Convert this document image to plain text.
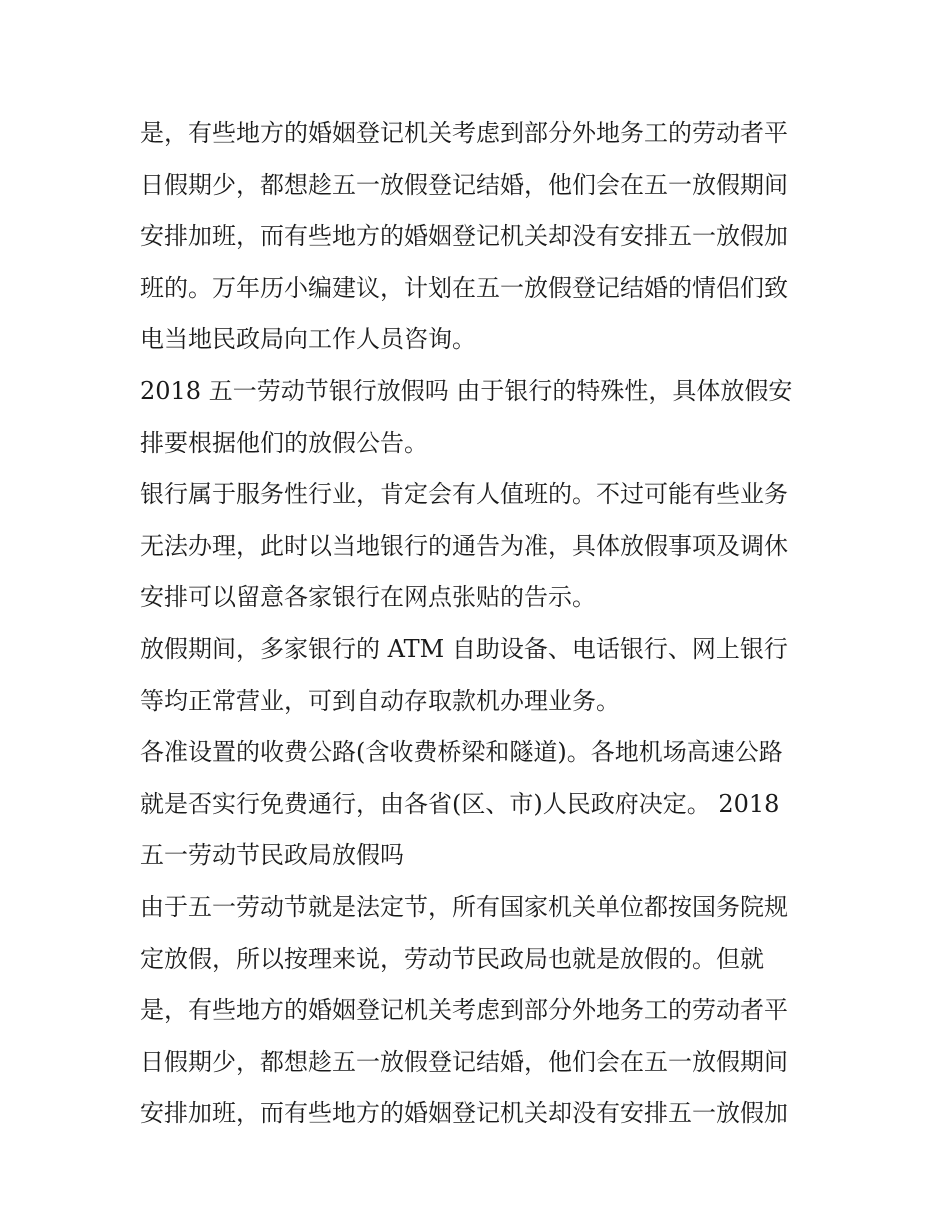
是，有些地方的婚姻登记机关考虑到部分外地务工的劳动者平
日假期少，都想趁五一放假登记结婚，他们会在五一放假期间
安排加班，而有些地方的婚姻登记机关却没有安排五一放假加
班的。万年历小编建议，计划在五一放假登记结婚的情侣们致
电当地民政局向工作人员咨询。
2018 五一劳动节银行放假吗 由于银行的特殊性，具体放假安
排要根据他们的放假公告。
银行属于服务性行业，肯定会有人值班的。不过可能有些业务
无法办理，此时以当地银行的通告为准，具体放假事项及调休
安排可以留意各家银行在网点张贴的告示。
放假期间，多家银行的 ATM 自助设备、电话银行、网上银行
等均正常营业，可到自动存取款机办理业务。
各准设置的收费公路(含收费桥梁和隧道)。各地机场高速公路
就是否实行免费通行，由各省(区、市)人民政府决定。 2018
五一劳动节民政局放假吗
由于五一劳动节就是法定节，所有国家机关单位都按国务院规
定放假，所以按理来说，劳动节民政局也就是放假的。但就
是，有些地方的婚姻登记机关考虑到部分外地务工的劳动者平
日假期少，都想趁五一放假登记结婚，他们会在五一放假期间
安排加班，而有些地方的婚姻登记机关却没有安排五一放假加
